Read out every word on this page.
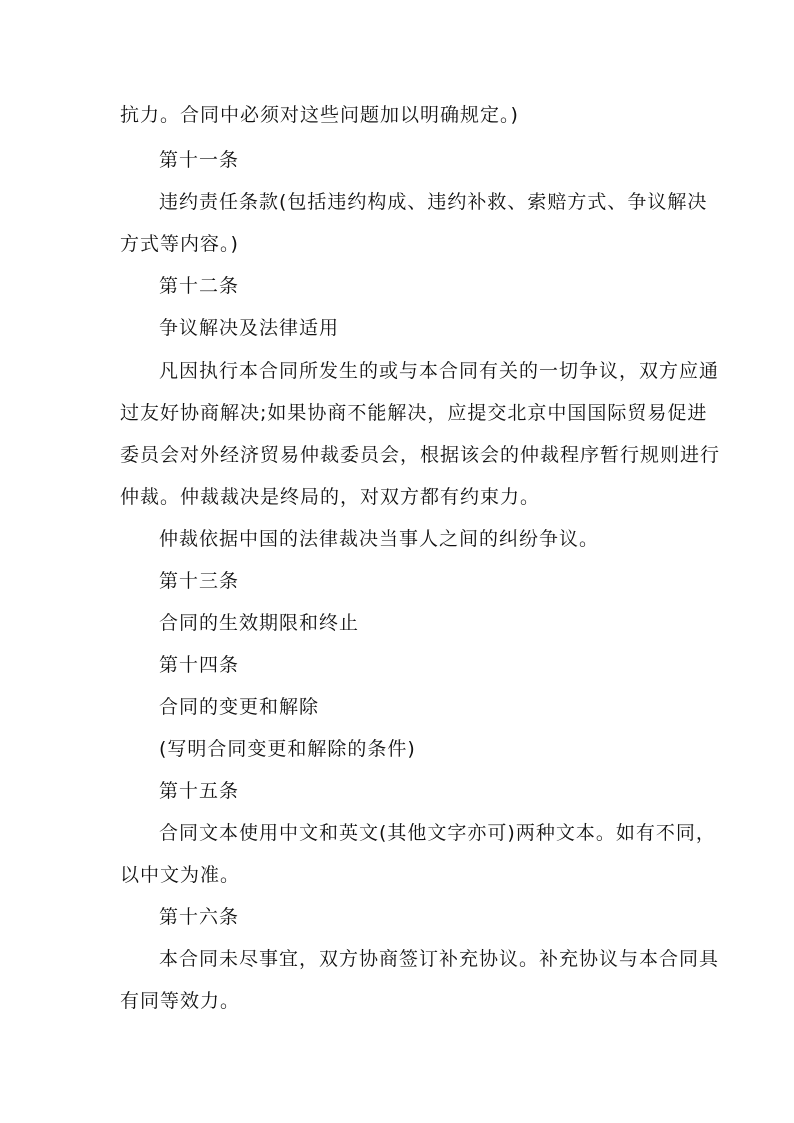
抗力。合同中必须对这些问题加以明确规定。)

第十一条

违约责任条款(包括违约构成、违约补救、索赔方式、争议解决

方式等内容。)

第十二条

争议解决及法律适用

凡因执行本合同所发生的或与本合同有关的一切争议，双方应通

过友好协商解决;如果协商不能解决，应提交北京中国国际贸易促进

委员会对外经济贸易仲裁委员会，根据该会的仲裁程序暂行规则进行

仲裁。仲裁裁决是终局的，对双方都有约束力。

仲裁依据中国的法律裁决当事人之间的纠纷争议。

第十三条

合同的生效期限和终止

第十四条

合同的变更和解除

(写明合同变更和解除的条件)

第十五条

合同文本使用中文和英文(其他文字亦可)两种文本。如有不同，

以中文为准。

第十六条

本合同未尽事宜，双方协商签订补充协议。补充协议与本合同具

有同等效力。
